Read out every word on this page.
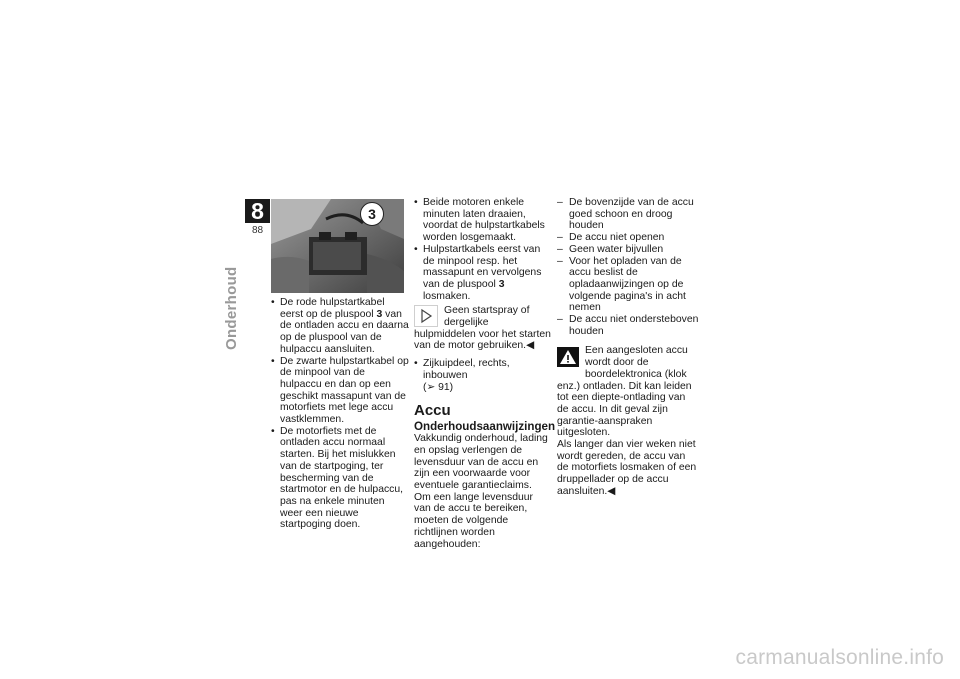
8
88
Onderhoud
3

• De rode hulpstartkabel eerst op de pluspool 3 van de ontladen accu en daarna op de pluspool van de hulpaccu aansluiten.

• De zwarte hulpstartkabel op de minpool van de hulpaccu en dan op een geschikt massapunt van de motorfiets met lege accu vastklemmen.

• De motorfiets met de ontladen accu normaal starten. Bij het mislukken van de startpoging, ter bescherming van de startmotor en de hulpaccu, pas na enkele minuten weer een nieuwe startpoging doen.

• Beide motoren enkele minuten laten draaien, voordat de hulpstartkabels worden losgemaakt.

• Hulpstartkabels eerst van de minpool resp. het massapunt en vervolgens van de pluspool 3 losmaken.

Geen startspray of dergelijke hulpmiddelen voor het starten van de motor gebruiken.◀

• Zijkuipdeel, rechts, inbouwen
(➢ 91)

Accu

Onderhoudsaanwijzingen

Vakkundig onderhoud, lading en opslag verlengen de levensduur van de accu en zijn een voorwaarde voor eventuele garantieclaims.

Om een lange levensduur van de accu te bereiken, moeten de volgende richtlijnen worden aangehouden:

– De bovenzijde van de accu goed schoon en droog houden

– De accu niet openen

– Geen water bijvullen

– Voor het opladen van de accu beslist de opladaanwijzingen op de volgende pagina's in acht nemen

– De accu niet ondersteboven houden

Een aangesloten accu wordt door de boordelektronica (klok enz.) ontladen. Dit kan leiden tot een diepte-ontlading van de accu. In dit geval zijn garantie-aanspraken uitgesloten.

Als langer dan vier weken niet wordt gereden, de accu van de motorfiets losmaken of een druppellader op de accu aansluiten.◀

carmanualsonline.info
